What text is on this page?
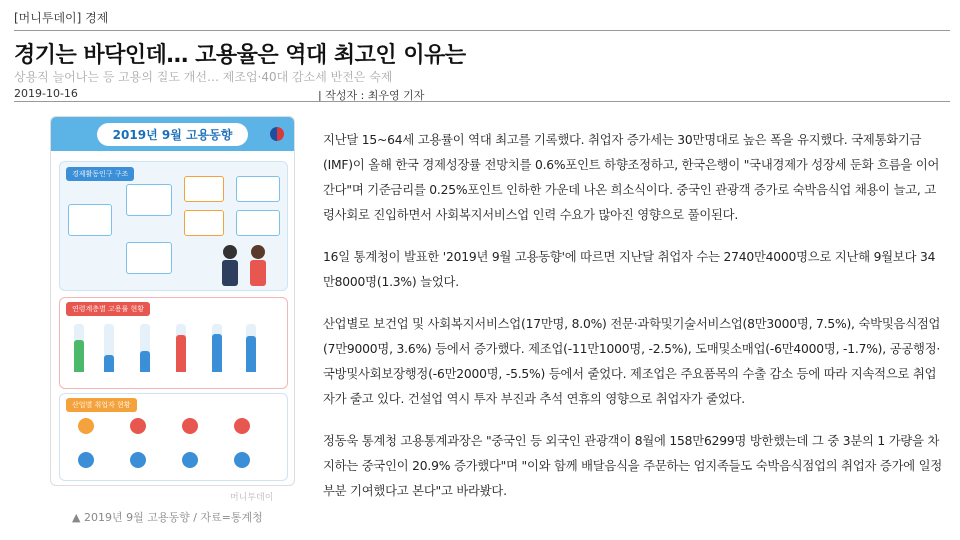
[머니투데이] 경제
경기는 바닥인데… 고용율은 역대 최고인 이유는
상용직 늘어나는 등 고용의 질도 개선… 제조업·40대 감소세 반전은 숙제
2019-10-16	| 작성자 : 최우영 기자
2019년 9월 고용동향
경제활동인구 구조
연령계층별 고용률 현황
산업별 취업자 현황
머니투데이
▲ 2019년 9월 고용동향 / 자료=통계청

지난달 15~64세 고용률이 역대 최고를 기록했다. 취업자 증가세는 30만명대로 높은 폭을 유지했다. 국제통화기금(IMF)이 올해 한국 경제성장률 전망치를 0.6%포인트 하향조정하고, 한국은행이 "국내경제가 성장세 둔화 흐름을 이어간다"며 기준금리를 0.25%포인트 인하한 가운데 나온 희소식이다. 중국인 관광객 증가로 숙박음식업 채용이 늘고, 고령사회로 진입하면서 사회복지서비스업 인력 수요가 많아진 영향으로 풀이된다.

16일 통계청이 발표한 '2019년 9월 고용동향'에 따르면 지난달 취업자 수는 2740만4000명으로 지난해 9월보다 34만8000명(1.3%) 늘었다.

산업별로 보건업 및 사회복지서비스업(17만명, 8.0%) 전문·과학및기술서비스업(8만3000명, 7.5%), 숙박및음식점업(7만9000명, 3.6%) 등에서 증가했다. 제조업(-11만1000명, -2.5%), 도매및소매업(-6만4000명, -1.7%), 공공행정·국방및사회보장행정(-6만2000명, -5.5%) 등에서 줄었다. 제조업은 주요품목의 수출 감소 등에 따라 지속적으로 취업자가 줄고 있다. 건설업 역시 투자 부진과 추석 연휴의 영향으로 취업자가 줄었다.

정동욱 통계청 고용통계과장은 "중국인 등 외국인 관광객이 8월에 158만6299명 방한했는데 그 중 3분의 1 가량을 차지하는 중국인이 20.9% 증가했다"며 "이와 함께 배달음식을 주문하는 엄지족들도 숙박음식점업의 취업자 증가에 일정 부분 기여했다고 본다"고 바라봤다.
